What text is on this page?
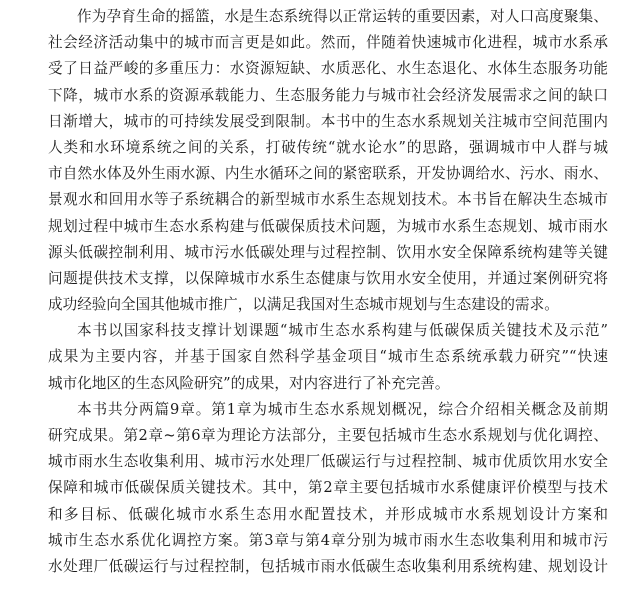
作为孕育生命的摇篮，水是生态系统得以正常运转的重要因素，对人口高度聚集、
社会经济活动集中的城市而言更是如此。然而，伴随着快速城市化进程，城市水系承
受了日益严峻的多重压力：水资源短缺、水质恶化、水生态退化、水体生态服务功能
下降，城市水系的资源承载能力、生态服务能力与城市社会经济发展需求之间的缺口
日渐增大，城市的可持续发展受到限制。本书中的生态水系规划关注城市空间范围内
人类和水环境系统之间的关系，打破传统“就水论水”的思路，强调城市中人群与城
市自然水体及外生雨水源、内生水循环之间的紧密联系，开发协调给水、污水、雨水、
景观水和回用水等子系统耦合的新型城市水系生态规划技术。本书旨在解决生态城市
规划过程中城市生态水系构建与低碳保质技术问题，为城市水系生态规划、城市雨水
源头低碳控制利用、城市污水低碳处理与过程控制、饮用水安全保障系统构建等关键
问题提供技术支撑，以保障城市水系生态健康与饮用水安全使用，并通过案例研究将
成功经验向全国其他城市推广，以满足我国对生态城市规划与生态建设的需求。
本书以国家科技支撑计划课题“城市生态水系构建与低碳保质关键技术及示范”
成果为主要内容，并基于国家自然科学基金项目“城市生态系统承载力研究”“快速
城市化地区的生态风险研究”的成果，对内容进行了补充完善。
本书共分两篇9章。第1章为城市生态水系规划概况，综合介绍相关概念及前期
研究成果。第2章~第6章为理论方法部分，主要包括城市生态水系规划与优化调控、
城市雨水生态收集利用、城市污水处理厂低碳运行与过程控制、城市优质饮用水安全
保障和城市低碳保质关键技术。其中，第2章主要包括城市水系健康评价模型与技术
和多目标、低碳化城市水系生态用水配置技术，并形成城市水系规划设计方案和
城市生态水系优化调控方案。第3章与第4章分别为城市雨水生态收集利用和城市污
水处理厂低碳运行与过程控制，包括城市雨水低碳生态收集利用系统构建、规划设计
